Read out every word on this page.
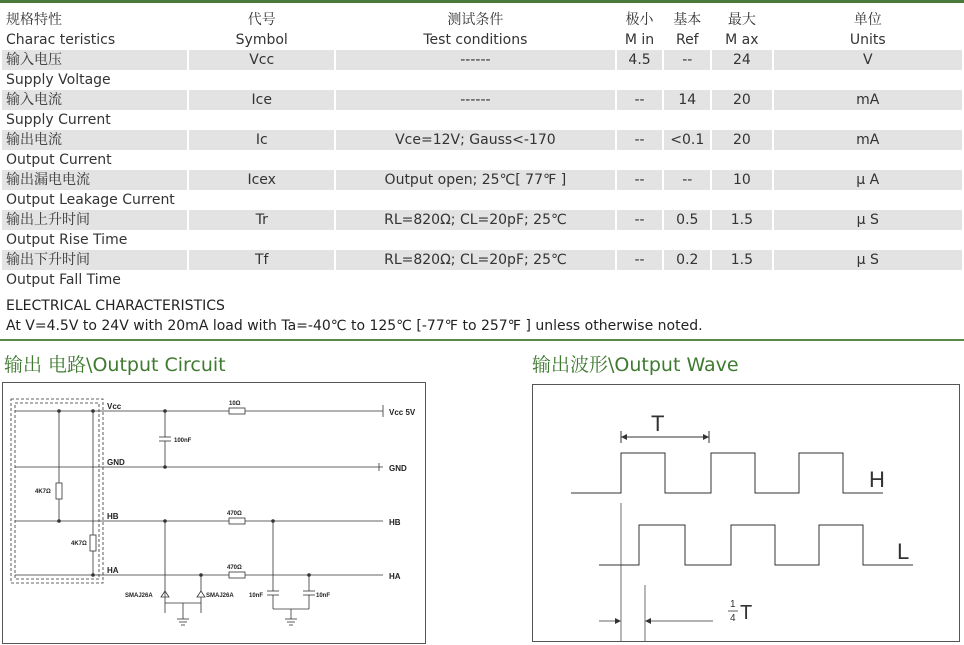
规格特性	代号	测试条件	极小	基本	最大	单位
Charac teristics	Symbol	Test conditions	M in	Ref	M ax	Units
输入电压	Vcc	------	4.5	--	24	V
Supply Voltage						
输入电流	Ice	------	--	14	20	mA
Supply Current						
输出电流	Ic	Vce=12V; Gauss<-170	--	<0.1	20	mA
Output Current						
输出漏电电流	Icex	Output open; 25℃[ 77℉ ]	--	--	10	μ A
Output Leakage Current						
输出上升时间	Tr	RL=820Ω; CL=20pF; 25℃	--	0.5	1.5	μ S
Output Rise Time						
输出下升时间	Tf	RL=820Ω; CL=20pF; 25℃	--	0.2	1.5	μ S
Output Fall Time						
ELECTRICAL CHARACTERISTICS
At V=4.5V to 24V with 20mA load with Ta=-40℃ to 125℃ [-77℉ to 257℉ ] unless otherwise noted.
输出 电路\Output Circuit	输出波形\Output Wave
Vcc
GND
HB
HA
Vcc 5V
GND
HB
HA
10Ω
470Ω
470Ω
100nF
4K7Ω
4K7Ω
SMAJ26A	SMAJ26A	10nF	10nF
T
H
L
1
4 T
